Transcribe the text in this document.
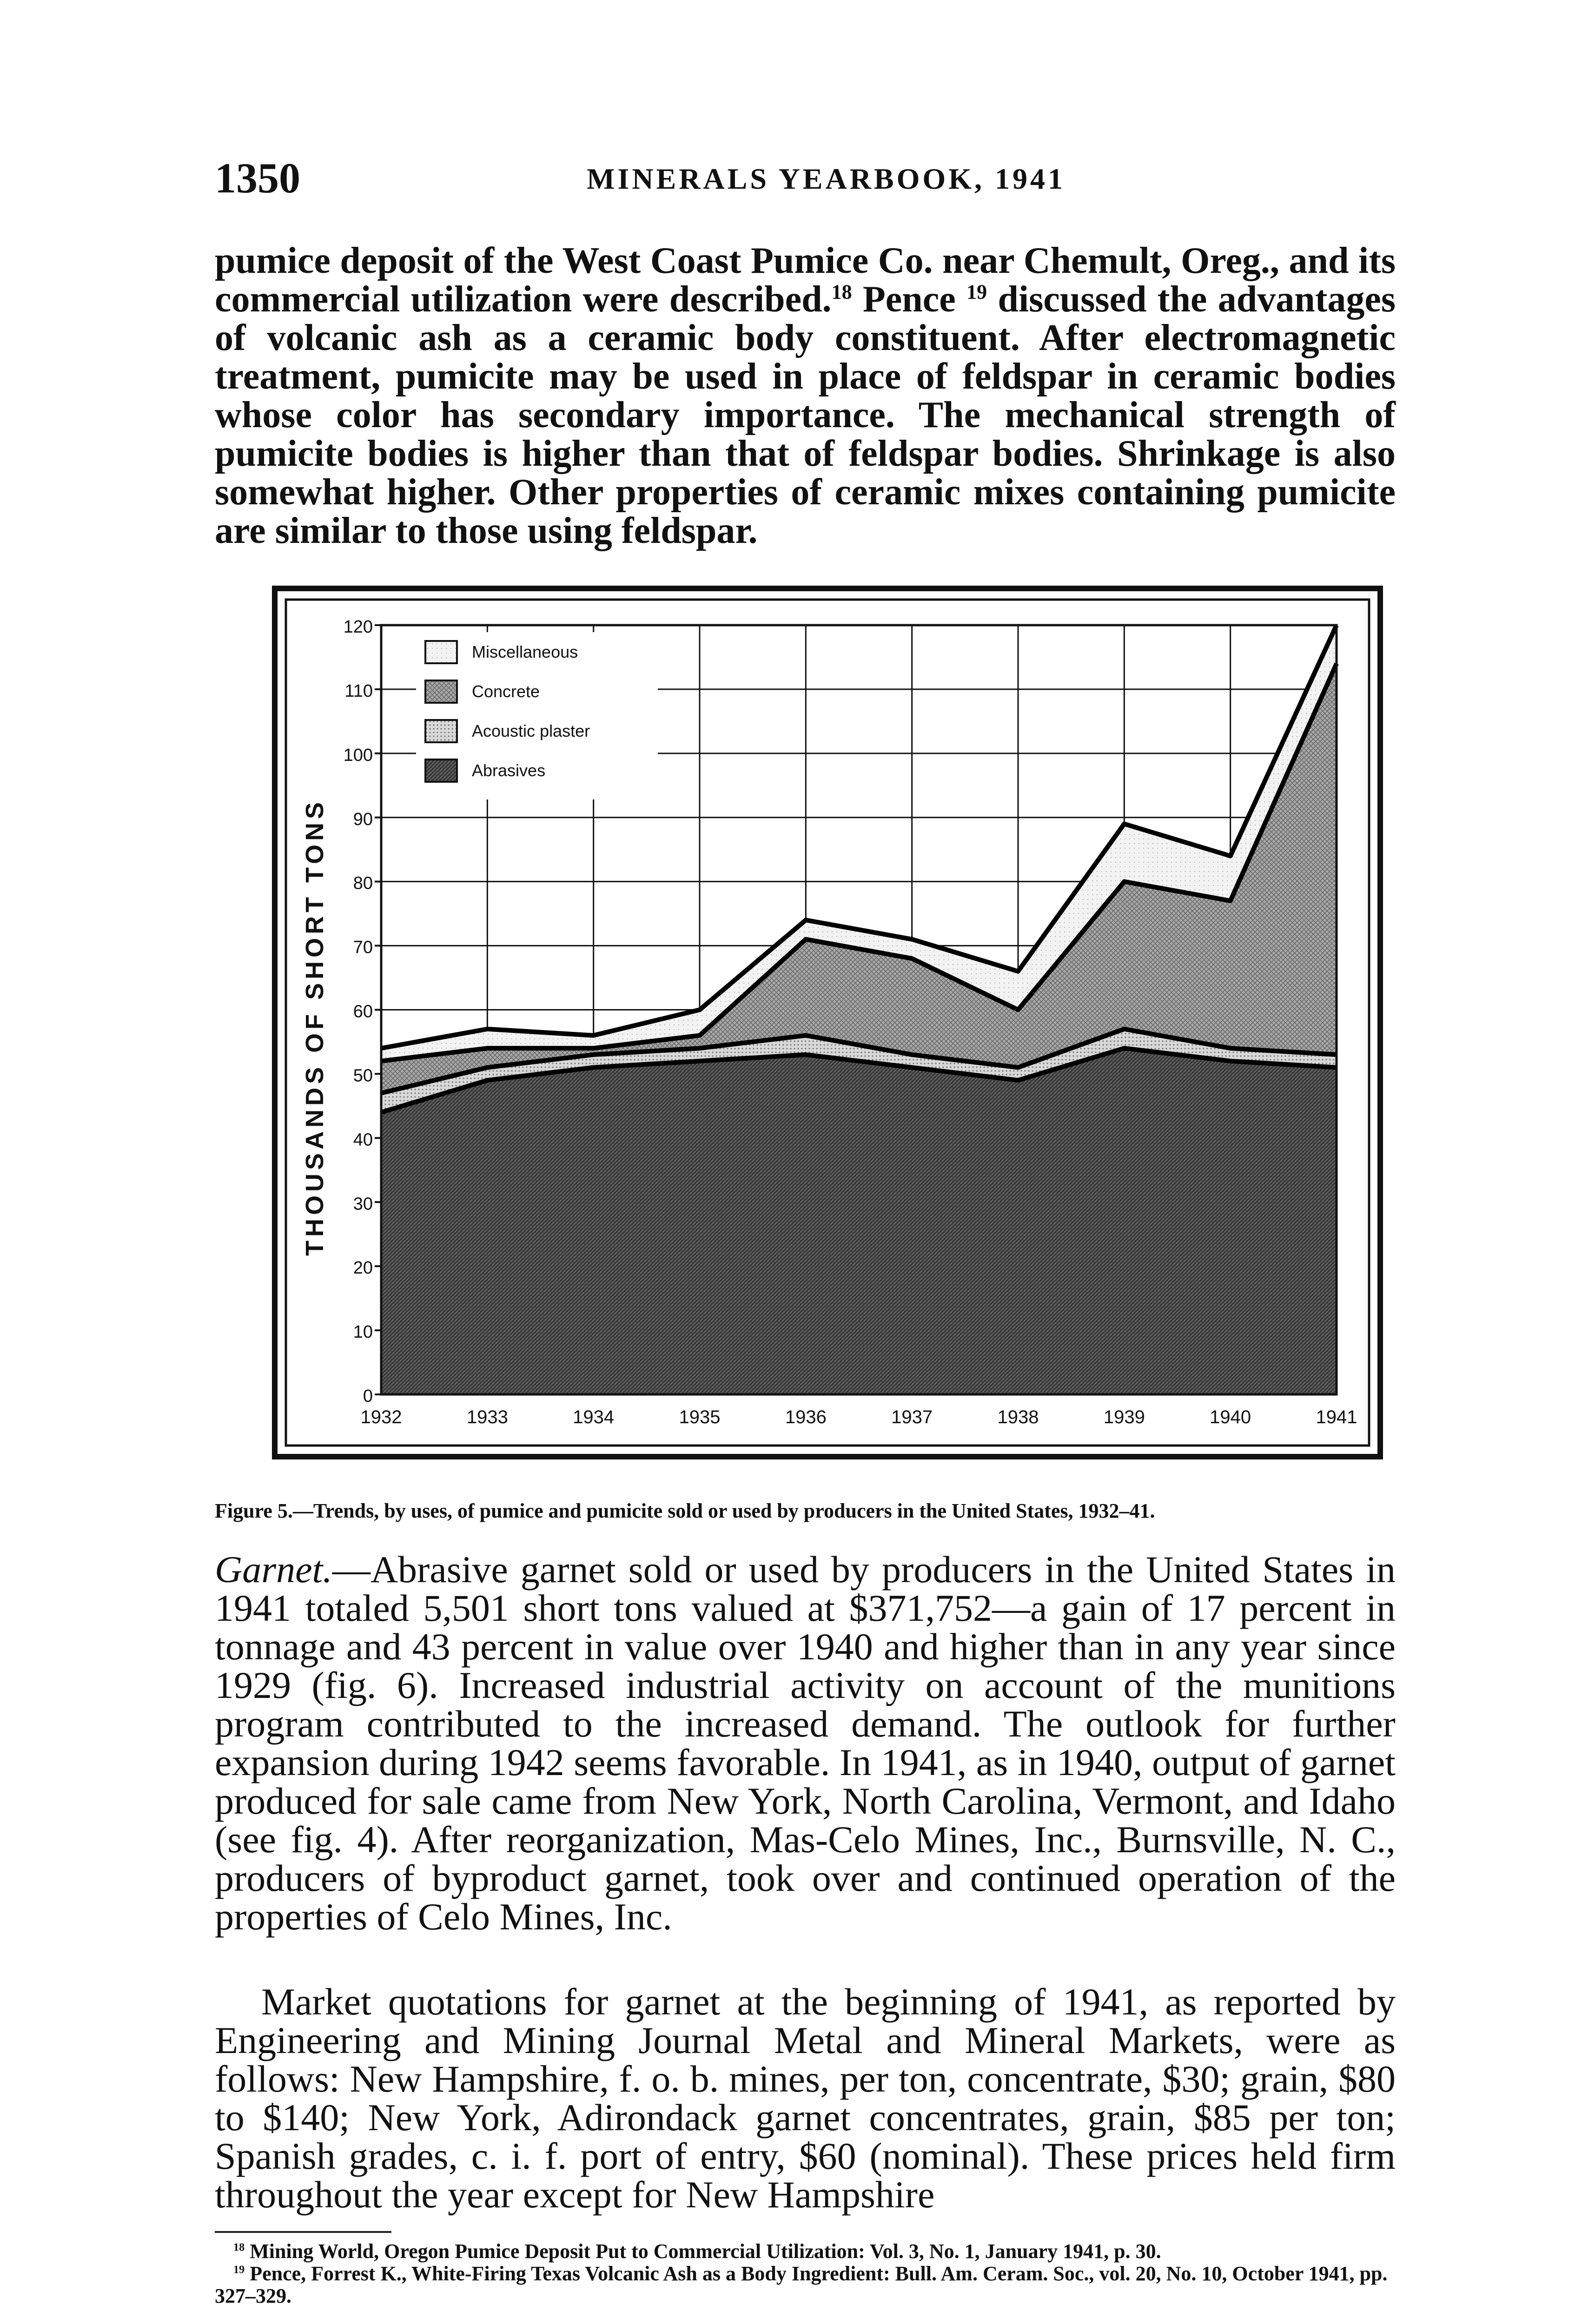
1350	MINERALS YEARBOOK, 1941
pumice deposit of the West Coast Pumice Co. near Chemult, Oreg., and its commercial utilization were described.$^{18}$ Pence $^{19}$ discussed the advantages of volcanic ash as a ceramic body constituent. After electromagnetic treatment, pumicite may be used in place of feldspar in ceramic bodies whose color has secondary importance. The mechanical strength of pumicite bodies is higher than that of feldspar bodies. Shrinkage is also somewhat higher. Other properties of ceramic mixes containing pumicite are similar to those using feldspar.
0
10
20
30
40
50
60
70
80
90
100
110
120
1932	1933	1934	1935	1936	1937	1938	1939	1940	1941
Miscellaneous
Concrete
Acoustic plaster
Abrasives
THOUSANDS OF SHORT TONS
Figure 5.—Trends, by uses, of pumice and pumicite sold or used by producers in the United States, 1932–41.
Garnet.—Abrasive garnet sold or used by producers in the United States in 1941 totaled 5,501 short tons valued at $371,752—a gain of 17 percent in tonnage and 43 percent in value over 1940 and higher than in any year since 1929 (fig. 6). Increased industrial activity on account of the munitions program contributed to the increased demand. The outlook for further expansion during 1942 seems favorable. In 1941, as in 1940, output of garnet produced for sale came from New York, North Carolina, Vermont, and Idaho (see fig. 4). After reorganization, Mas-Celo Mines, Inc., Burnsville, N. C., producers of byproduct garnet, took over and continued operation of the properties of Celo Mines, Inc.
Market quotations for garnet at the beginning of 1941, as reported by Engineering and Mining Journal Metal and Mineral Markets, were as follows: New Hampshire, f. o. b. mines, per ton, concentrate, $30; grain, $80 to $140; New York, Adirondack garnet concentrates, grain, $85 per ton; Spanish grades, c. i. f. port of entry, $60 (nominal). These prices held firm throughout the year except for New Hampshire

$^{18}$ Mining World, Oregon Pumice Deposit Put to Commercial Utilization: Vol. 3, No. 1, January 1941, p. 30.

$^{19}$ Pence, Forrest K., White-Firing Texas Volcanic Ash as a Body Ingredient: Bull. Am. Ceram. Soc., vol. 20, No. 10, October 1941, pp. 327–329.
